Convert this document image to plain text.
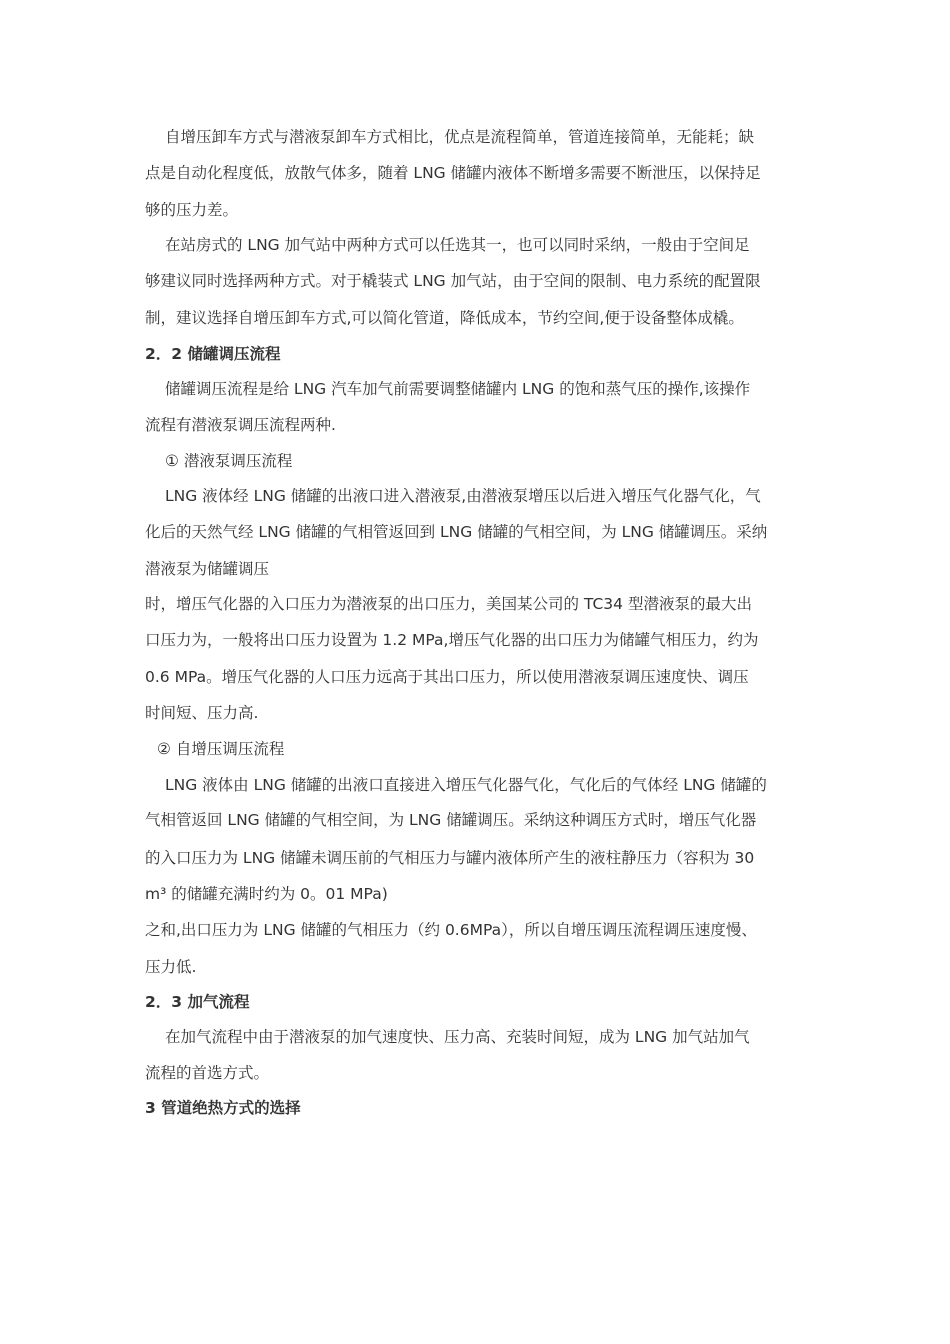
自增压卸车方式与潜液泵卸车方式相比，优点是流程简单，管道连接简单，无能耗；缺
点是自动化程度低，放散气体多，随着 LNG 储罐内液体不断增多需要不断泄压，以保持足
够的压力差。
在站房式的 LNG 加气站中两种方式可以任选其一，也可以同时采纳，一般由于空间足
够建议同时选择两种方式。对于橇装式 LNG 加气站，由于空间的限制、电力系统的配置限
制，建议选择自增压卸车方式,可以简化管道，降低成本，节约空间,便于设备整体成橇。
2．2 储罐调压流程
储罐调压流程是给 LNG 汽车加气前需要调整储罐内 LNG 的饱和蒸气压的操作,该操作
流程有潜液泵调压流程两种.
① 潜液泵调压流程
LNG 液体经 LNG 储罐的出液口进入潜液泵,由潜液泵增压以后进入增压气化器气化，气
化后的天然气经 LNG 储罐的气相管返回到 LNG 储罐的气相空间，为 LNG 储罐调压。采纳
潜液泵为储罐调压
时，增压气化器的入口压力为潜液泵的出口压力，美国某公司的 TC34 型潜液泵的最大出
口压力为，一般将出口压力设置为 1.2 MPa,增压气化器的出口压力为储罐气相压力，约为
0.6 MPa。增压气化器的人口压力远高于其出口压力，所以使用潜液泵调压速度快、调压
时间短、压力高.
② 自增压调压流程
LNG 液体由 LNG 储罐的出液口直接进入增压气化器气化，气化后的气体经 LNG 储罐的
气相管返回 LNG 储罐的气相空间，为 LNG 储罐调压。采纳这种调压方式时，增压气化器
的入口压力为 LNG 储罐未调压前的气相压力与罐内液体所产生的液柱静压力（容积为 30
m³ 的储罐充满时约为 0。01 MPa)
之和,出口压力为 LNG 储罐的气相压力（约 0.6MPa），所以自增压调压流程调压速度慢、
压力低.
2．3 加气流程
在加气流程中由于潜液泵的加气速度快、压力高、充装时间短，成为 LNG 加气站加气
流程的首选方式。
3 管道绝热方式的选择
